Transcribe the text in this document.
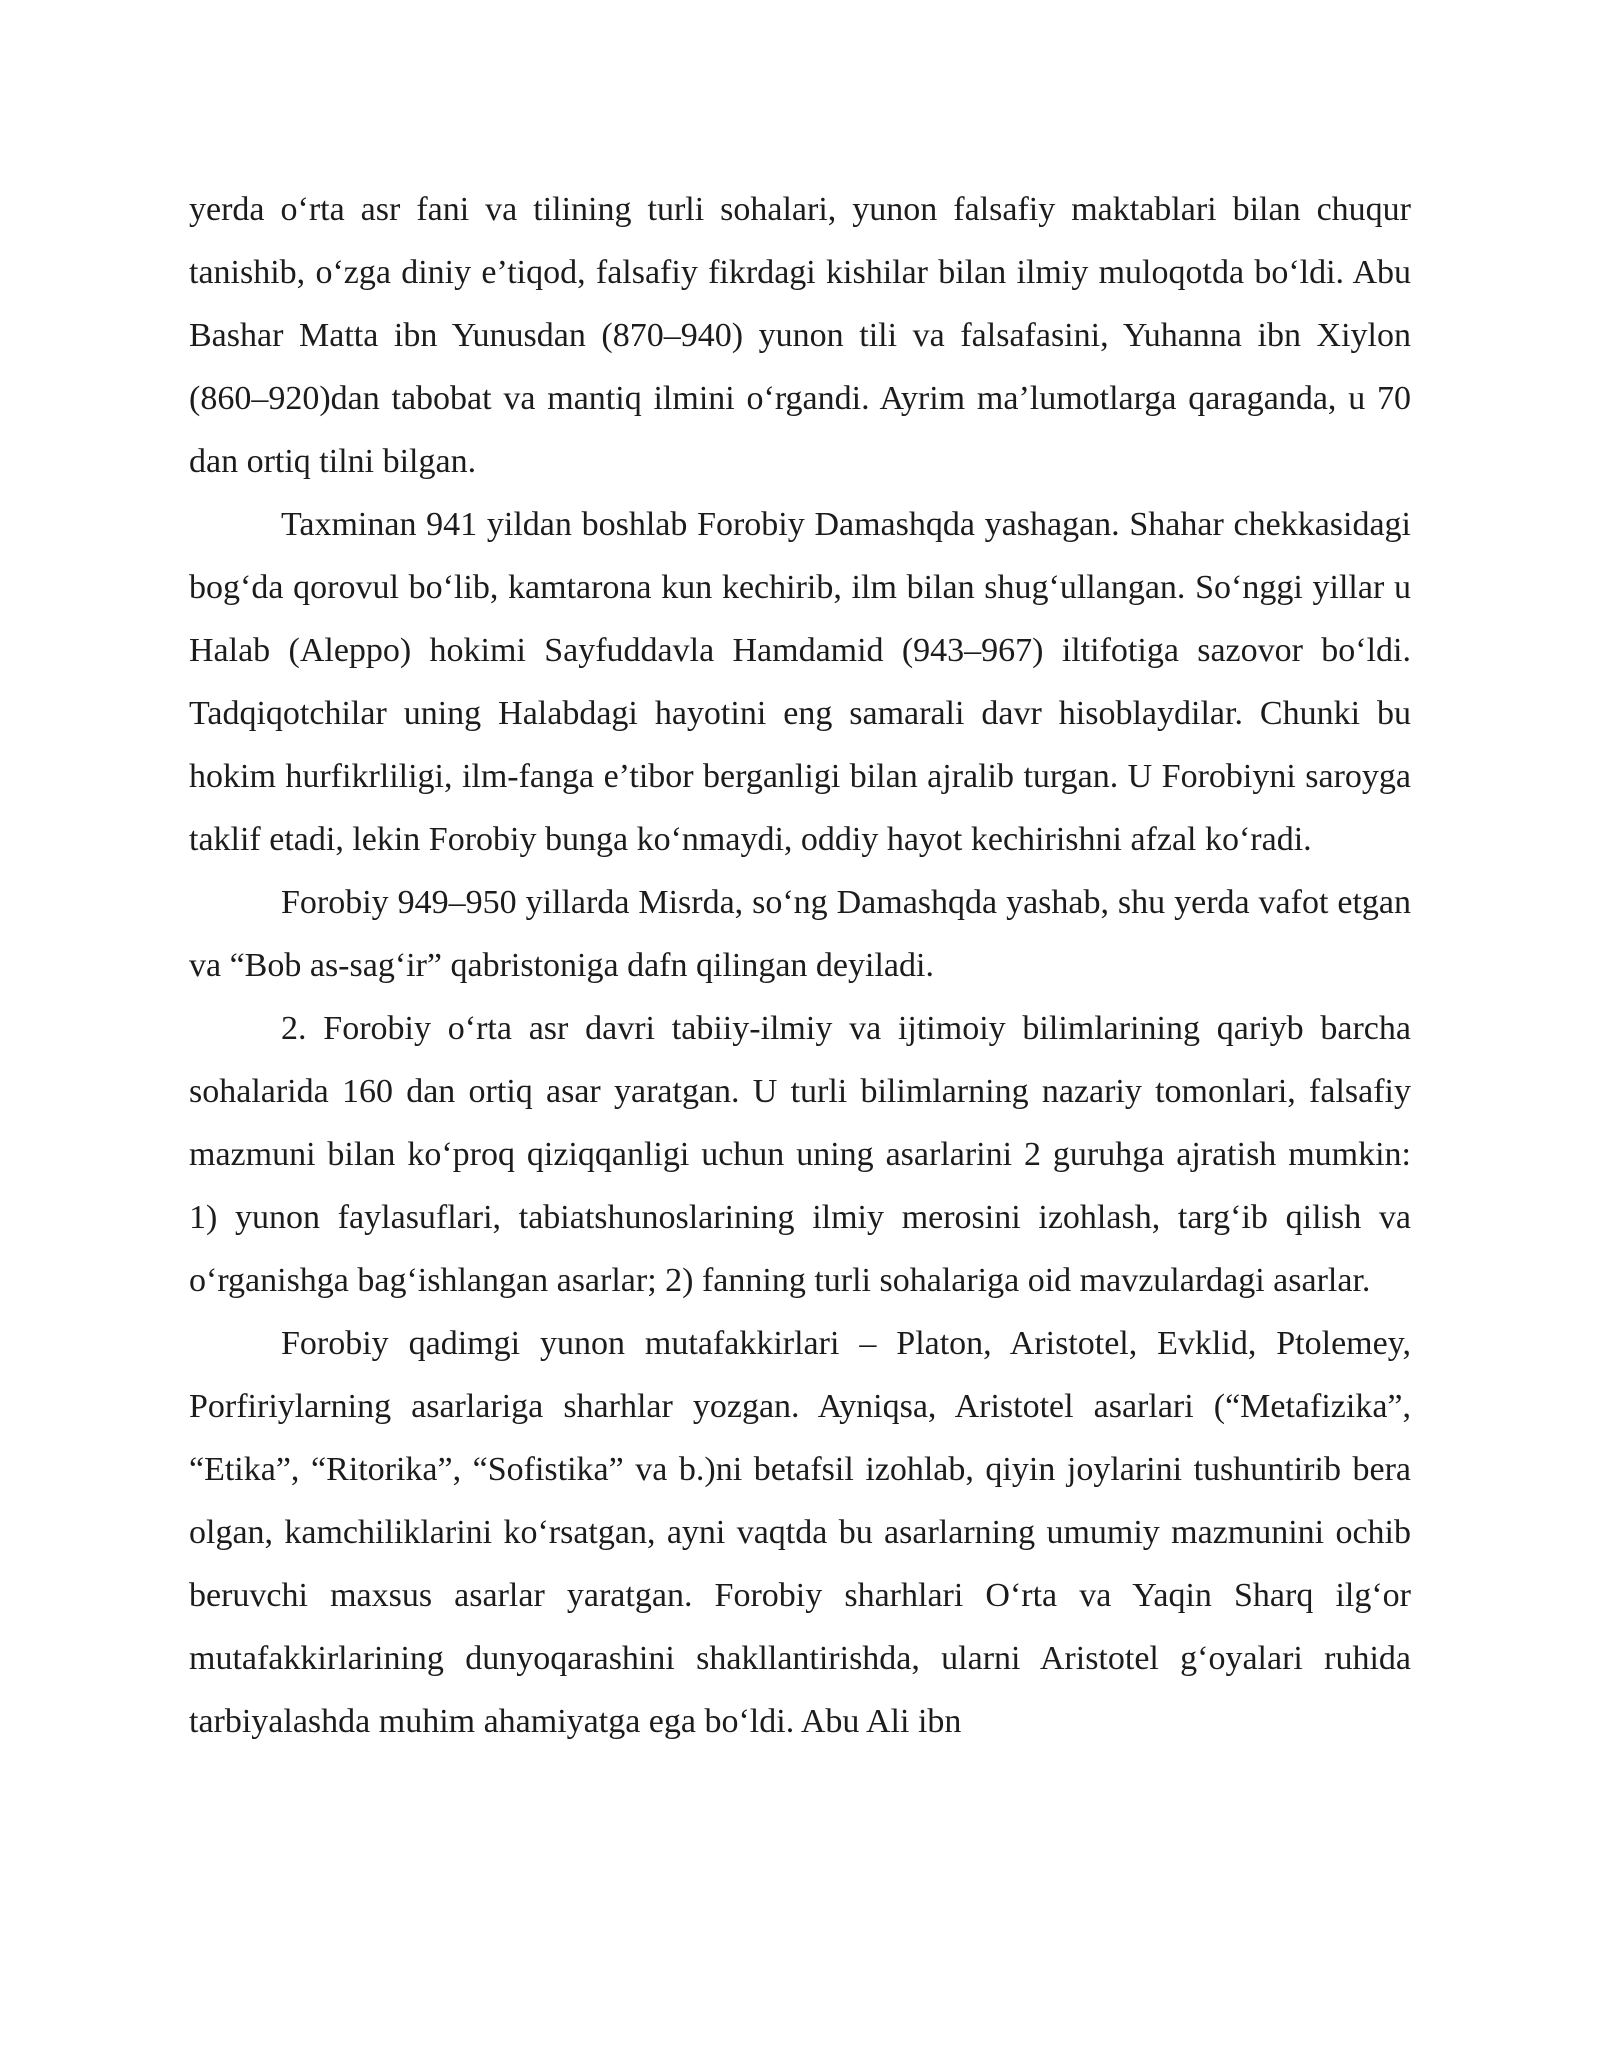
yerda o‘rta asr fani va tilining turli sohalari, yunon falsafiy maktablari bilan chuqur tanishib, o‘zga diniy e’tiqod, falsafiy fikrdagi kishilar bilan ilmiy muloqotda bo‘ldi. Abu Bashar Matta ibn Yunusdan (870–940) yunon tili va falsafasini, Yuhanna ibn Xiylon (860–920)dan tabobat va mantiq ilmini o‘rgandi. Ayrim ma’lumotlarga qaraganda, u 70 dan ortiq tilni bilgan.

Taxminan 941 yildan boshlab Forobiy Damashqda yashagan. Shahar chekkasidagi bog‘da qorovul bo‘lib, kamtarona kun kechirib, ilm bilan shug‘ullangan. So‘nggi yillar u Halab (Aleppo) hokimi Sayfuddavla Hamdamid (943–967) iltifotiga sazovor bo‘ldi. Tadqiqotchilar uning Halabdagi hayotini eng samarali davr hisoblaydilar. Chunki bu hokim hurfikrliligi, ilm-fanga e’tibor berganligi bilan ajralib turgan. U Forobiyni saroyga taklif etadi, lekin Forobiy bunga ko‘nmaydi, oddiy hayot kechirishni afzal ko‘radi.

Forobiy 949–950 yillarda Misrda, so‘ng Damashqda yashab, shu yerda vafot etgan va “Bob as-sag‘ir” qabristoniga dafn qilingan deyiladi.

2. Forobiy o‘rta asr davri tabiiy-ilmiy va ijtimoiy bilimlarining qariyb barcha sohalarida 160 dan ortiq asar yaratgan. U turli bilimlarning nazariy tomonlari, falsafiy mazmuni bilan ko‘proq qiziqqanligi uchun uning asarlarini 2 guruhga ajratish mumkin: 1) yunon faylasuflari, tabiatshunoslarining ilmiy merosini izohlash, targ‘ib qilish va o‘rganishga bag‘ishlangan asarlar; 2) fanning turli sohalariga oid mavzulardagi asarlar.

Forobiy qadimgi yunon mutafakkirlari – Platon, Aristotel, Evklid, Ptolemey, Porfiriylarning asarlariga sharhlar yozgan. Ayniqsa, Aristotel asarlari (“Metafizika”, “Etika”, “Ritorika”, “Sofistika” va b.)ni betafsil izohlab, qiyin joylarini tushuntirib bera olgan, kamchiliklarini ko‘rsatgan, ayni vaqtda bu asarlarning umumiy mazmunini ochib beruvchi maxsus asarlar yaratgan. Forobiy sharhlari O‘rta va Yaqin Sharq ilg‘or mutafakkirlarining dunyoqarashini shakllantirishda, ularni Aristotel g‘oyalari ruhida tarbiyalashda muhim ahamiyatga ega bo‘ldi. Abu Ali ibn
